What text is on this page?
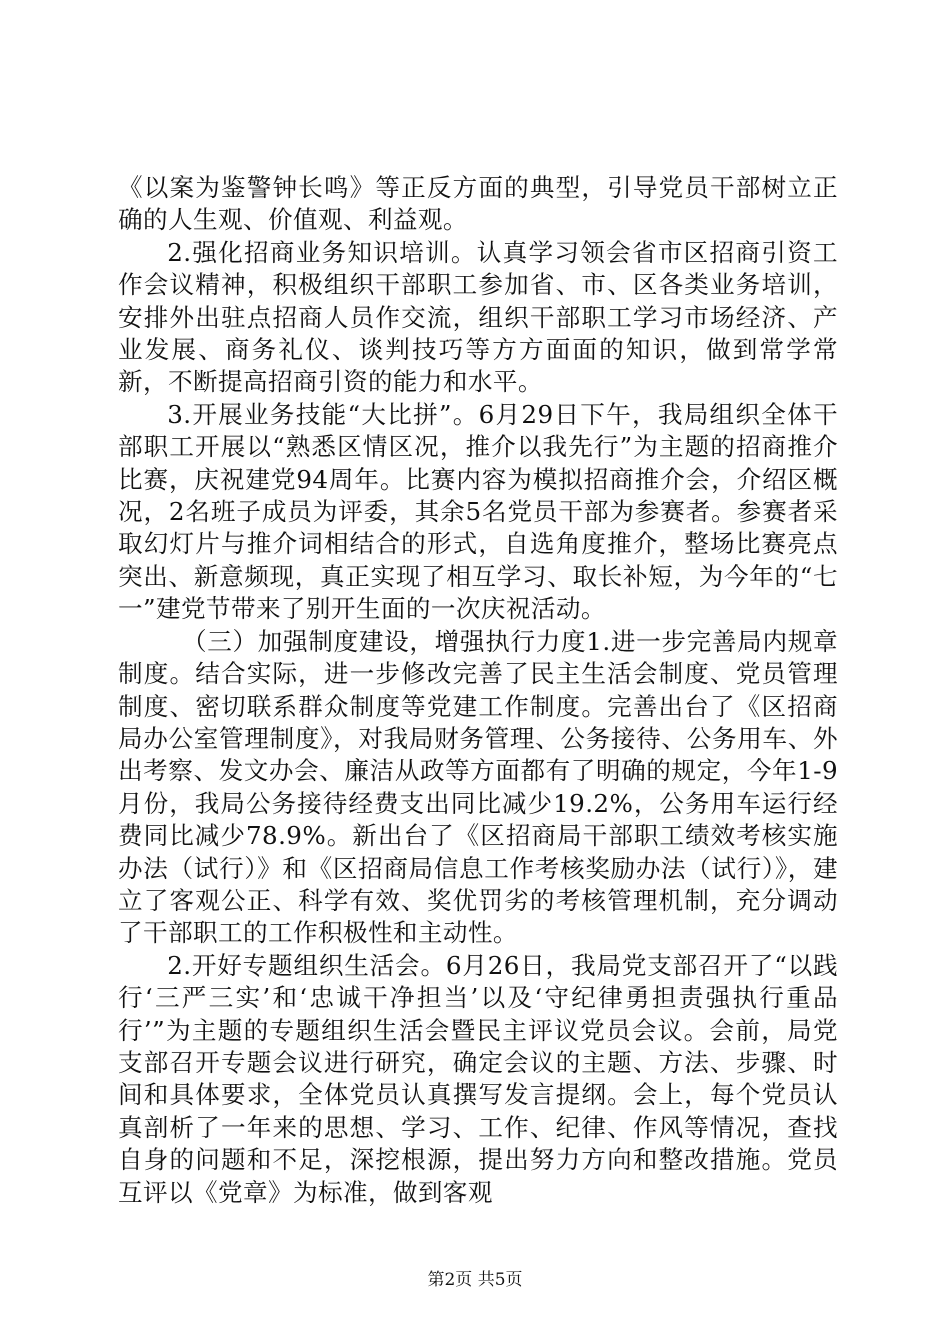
《以案为鉴警钟长鸣》等正反方面的典型，引导党员干部树立正确的人生观、价值观、利益观。

2.强化招商业务知识培训。认真学习领会省市区招商引资工作会议精神，积极组织干部职工参加省、市、区各类业务培训，安排外出驻点招商人员作交流，组织干部职工学习市场经济、产业发展、商务礼仪、谈判技巧等方方面面的知识，做到常学常新，不断提高招商引资的能力和水平。

3.开展业务技能“大比拼”。6月29日下午，我局组织全体干部职工开展以“熟悉区情区况，推介以我先行”为主题的招商推介比赛，庆祝建党94周年。比赛内容为模拟招商推介会，介绍区概况，2名班子成员为评委，其余5名党员干部为参赛者。参赛者采取幻灯片与推介词相结合的形式，自选角度推介，整场比赛亮点突出、新意频现，真正实现了相互学习、取长补短，为今年的“七一”建党节带来了别开生面的一次庆祝活动。

（三）加强制度建设，增强执行力度1.进一步完善局内规章制度。结合实际，进一步修改完善了民主生活会制度、党员管理制度、密切联系群众制度等党建工作制度。完善出台了《区招商局办公室管理制度》，对我局财务管理、公务接待、公务用车、外出考察、发文办会、廉洁从政等方面都有了明确的规定，今年1-9月份，我局公务接待经费支出同比减少19.2%，公务用车运行经费同比减少78.9%。新出台了《区招商局干部职工绩效考核实施办法（试行）》和《区招商局信息工作考核奖励办法（试行）》，建立了客观公正、科学有效、奖优罚劣的考核管理机制，充分调动了干部职工的工作积极性和主动性。

2.开好专题组织生活会。6月26日，我局党支部召开了“以践行‘三严三实’和‘忠诚干净担当’以及‘守纪律勇担责强执行重品行’”为主题的专题组织生活会暨民主评议党员会议。会前，局党支部召开专题会议进行研究，确定会议的主题、方法、步骤、时间和具体要求，全体党员认真撰写发言提纲。会上，每个党员认真剖析了一年来的思想、学习、工作、纪律、作风等情况，查找自身的问题和不足，深挖根源，提出努力方向和整改措施。党员互评以《党章》为标准，做到客观

第2页 共5页
